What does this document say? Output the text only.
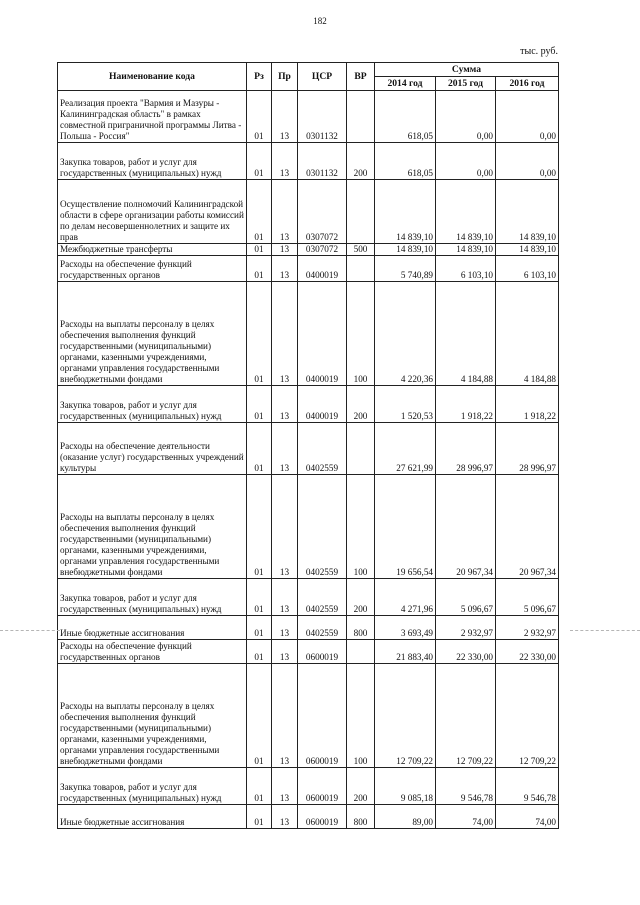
182
тыс. руб.
Наименование кода	Рз	Пр	ЦСР	ВР	Сумма		
					2014 год	2015 год	2016 год

Реализация проекта "Вармия и Мазуры - Калининградская область" в рамках совместной приграничной программы Литва - Польша - Россия"	01	13	0301132		618,05	0,00	0,00

Закупка товаров, работ и услуг для государственных (муниципальных) нужд	01	13	0301132	200	618,05	0,00	0,00

Осуществление полномочий Калининградской области в сфере организации работы комиссий по делам несовершеннолетних и защите их прав	01	13	0307072		14 839,10	14 839,10	14 839,10

Межбюджетные трансферты	01	13	0307072	500	14 839,10	14 839,10	14 839,10

Расходы на обеспечение функций государственных органов	01	13	0400019		5 740,89	6 103,10	6 103,10

Расходы на выплаты персоналу в целях обеспечения выполнения функций государственными (муниципальными) органами, казенными учреждениями, органами управления государственными внебюджетными фондами	01	13	0400019	100	4 220,36	4 184,88	4 184,88

Закупка товаров, работ и услуг для государственных (муниципальных) нужд	01	13	0400019	200	1 520,53	1 918,22	1 918,22

Расходы на обеспечение деятельности (оказание услуг) государственных учреждений культуры	01	13	0402559		27 621,99	28 996,97	28 996,97

Расходы на выплаты персоналу в целях обеспечения выполнения функций государственными (муниципальными) органами, казенными учреждениями, органами управления государственными внебюджетными фондами	01	13	0402559	100	19 656,54	20 967,34	20 967,34

Закупка товаров, работ и услуг для государственных (муниципальных) нужд	01	13	0402559	200	4 271,96	5 096,67	5 096,67

Иные бюджетные ассигнования	01	13	0402559	800	3 693,49	2 932,97	2 932,97

Расходы на обеспечение функций государственных органов	01	13	0600019		21 883,40	22 330,00	22 330,00

Расходы на выплаты персоналу в целях обеспечения выполнения функций государственными (муниципальными) органами, казенными учреждениями, органами управления государственными внебюджетными фондами	01	13	0600019	100	12 709,22	12 709,22	12 709,22

Закупка товаров, работ и услуг для государственных (муниципальных) нужд	01	13	0600019	200	9 085,18	9 546,78	9 546,78

Иные бюджетные ассигнования	01	13	0600019	800	89,00	74,00	74,00
